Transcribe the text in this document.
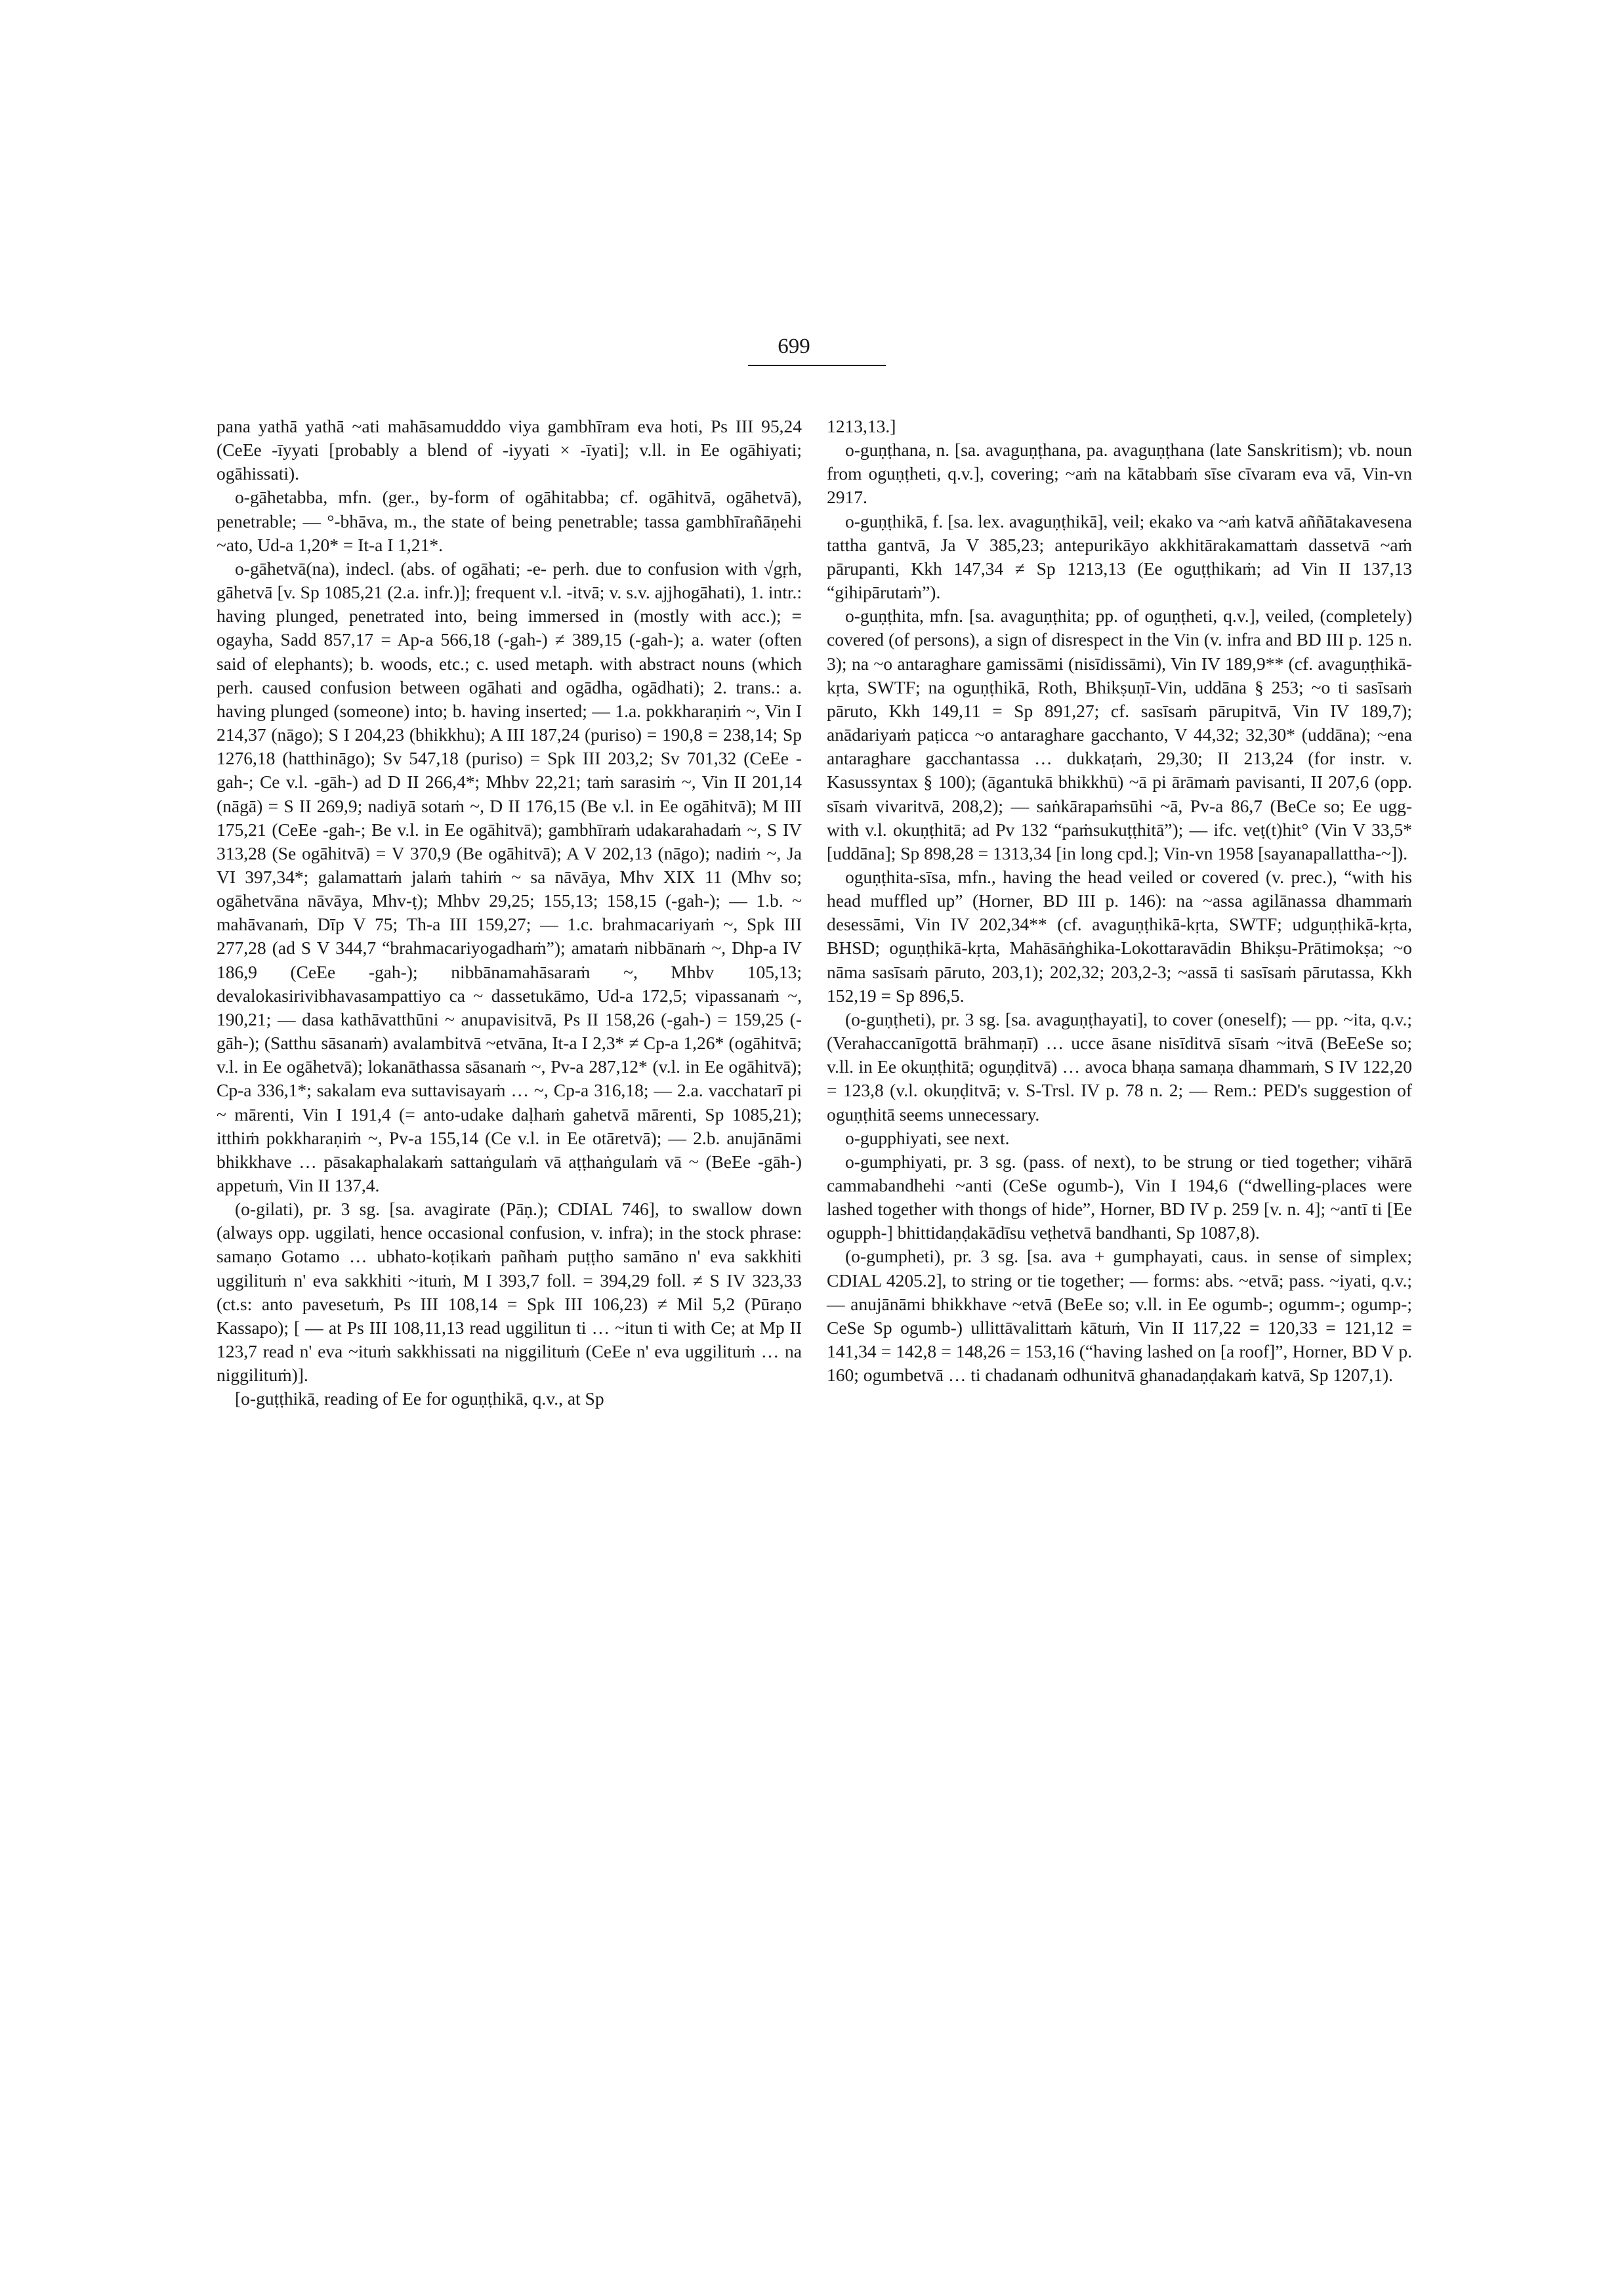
699

pana yathā yathā ~ati mahāsamudddo viya gambhīram eva hoti, Ps III 95,24 (CeEe -īyyati [probably a blend of -iyyati × -īyati]; v.ll. in Ee ogāhiyati; ogāhissati).

o-gāhetabba, mfn. (ger., by-form of ogāhitabba; cf. ogāhitvā, ogāhetvā), penetrable; — °-bhāva, m., the state of being penetrable; tassa gambhīrañāṇehi ~ato, Ud-a 1,20* = It-a I 1,21*.

o-gāhetvā(na), indecl. (abs. of ogāhati; -e- perh. due to confusion with √gṛh, gāhetvā [v. Sp 1085,21 (2.a. infr.)]; frequent v.l. -itvā; v. s.v. ajjhogāhati), 1. intr.: having plunged, penetrated into, being immersed in (mostly with acc.); = ogayha, Sadd 857,17 = Ap-a 566,18 (-gah-) ≠ 389,15 (-gah-); a. water (often said of elephants); b. woods, etc.; c. used metaph. with abstract nouns (which perh. caused confusion between ogāhati and ogādha, ogādhati); 2. trans.: a. having plunged (someone) into; b. having inserted; — 1.a. pokkharaṇiṁ ~, Vin I 214,37 (nāgo); S I 204,23 (bhikkhu); A III 187,24 (puriso) = 190,8 = 238,14; Sp 1276,18 (hatthināgo); Sv 547,18 (puriso) = Spk III 203,2; Sv 701,32 (CeEe -gah-; Ce v.l. -gāh-) ad D II 266,4*; Mhbv 22,21; taṁ sarasiṁ ~, Vin II 201,14 (nāgā) = S II 269,9; nadiyā sotaṁ ~, D II 176,15 (Be v.l. in Ee ogāhitvā); M III 175,21 (CeEe -gah-; Be v.l. in Ee ogāhitvā); gambhīraṁ udakarahadaṁ ~, S IV 313,28 (Se ogāhitvā) = V 370,9 (Be ogāhitvā); A V 202,13 (nāgo); nadiṁ ~, Ja VI 397,34*; galamattaṁ jalaṁ tahiṁ ~ sa nāvāya, Mhv XIX 11 (Mhv so; ogāhetvāna nāvāya, Mhv-ṭ); Mhbv 29,25; 155,13; 158,15 (-gah-); — 1.b. ~ mahāvanaṁ, Dīp V 75; Th-a III 159,27; — 1.c. brahmacariyaṁ ~, Spk III 277,28 (ad S V 344,7 “brahmacariyogadhaṁ”); amataṁ nibbānaṁ ~, Dhp-a IV 186,9 (CeEe -gah-); nibbānamahāsaraṁ ~, Mhbv 105,13; devalokasirivibhavasampattiyo ca ~ dassetukāmo, Ud-a 172,5; vipassanaṁ ~, 190,21; — dasa kathāvatthūni ~ anupavisitvā, Ps II 158,26 (-gah-) = 159,25 (-gāh-); (Satthu sāsanaṁ) avalambitvā ~etvāna, It-a I 2,3* ≠ Cp-a 1,26* (ogāhitvā; v.l. in Ee ogāhetvā); lokanāthassa sāsanaṁ ~, Pv-a 287,12* (v.l. in Ee ogāhitvā); Cp-a 336,1*; sakalam eva suttavisayaṁ … ~, Cp-a 316,18; — 2.a. vacchatarī pi ~ mārenti, Vin I 191,4 (= anto-udake daḷhaṁ gahetvā mārenti, Sp 1085,21); itthiṁ pokkharaṇiṁ ~, Pv-a 155,14 (Ce v.l. in Ee otāretvā); — 2.b. anujānāmi bhikkhave … pāsakaphalakaṁ sattaṅgulaṁ vā aṭṭhaṅgulaṁ vā ~ (BeEe -gāh-) appetuṁ, Vin II 137,4.

(o-gilati), pr. 3 sg. [sa. avagirate (Pāṇ.); CDIAL 746], to swallow down (always opp. uggilati, hence occasional confusion, v. infra); in the stock phrase: samaṇo Gotamo … ubhato-koṭikaṁ pañhaṁ puṭṭho samāno n' eva sakkhiti uggilituṁ n' eva sakkhiti ~ituṁ, M I 393,7 foll. = 394,29 foll. ≠ S IV 323,33 (ct.s: anto pavesetuṁ, Ps III 108,14 = Spk III 106,23) ≠ Mil 5,2 (Pūraṇo Kassapo); [ — at Ps III 108,11,13 read uggilitun ti … ~itun ti with Ce; at Mp II 123,7 read n' eva ~ituṁ sakkhissati na niggilituṁ (CeEe n' eva uggilituṁ … na niggilituṁ)].

[o-guṭṭhikā, reading of Ee for oguṇṭhikā, q.v., at Sp

1213,13.]

o-guṇṭhana, n. [sa. avaguṇṭhana, pa. avaguṇṭhana (late Sanskritism); vb. noun from oguṇṭheti, q.v.], covering; ~aṁ na kātabbaṁ sīse cīvaram eva vā, Vin-vn 2917.

o-guṇṭhikā, f. [sa. lex. avaguṇṭhikā], veil; ekako va ~aṁ katvā aññātakavesena tattha gantvā, Ja V 385,23; antepurikāyo akkhitārakamattaṁ dassetvā ~aṁ pārupanti, Kkh 147,34 ≠ Sp 1213,13 (Ee oguṭṭhikaṁ; ad Vin II 137,13 “gihipārutaṁ”).

o-guṇṭhita, mfn. [sa. avaguṇṭhita; pp. of oguṇṭheti, q.v.], veiled, (completely) covered (of persons), a sign of disrespect in the Vin (v. infra and BD III p. 125 n. 3); na ~o antaraghare gamissāmi (nisīdissāmi), Vin IV 189,9** (cf. avaguṇṭhikā-kṛta, SWTF; na oguṇṭhikā, Roth, Bhikṣuṇī-Vin, uddāna § 253; ~o ti sasīsaṁ pāruto, Kkh 149,11 = Sp 891,27; cf. sasīsaṁ pārupitvā, Vin IV 189,7); anādariyaṁ paṭicca ~o antaraghare gacchanto, V 44,32; 32,30* (uddāna); ~ena antaraghare gacchantassa … dukkaṭaṁ, 29,30; II 213,24 (for instr. v. Kasussyntax § 100); (āgantukā bhikkhū) ~ā pi ārāmaṁ pavisanti, II 207,6 (opp. sīsaṁ vivaritvā, 208,2); — saṅkārapaṁsūhi ~ā, Pv-a 86,7 (BeCe so; Ee ugg- with v.l. okuṇṭhitā; ad Pv 132 “paṁsukuṭṭhitā”); — ifc. veṭ(t)hit° (Vin V 33,5* [uddāna]; Sp 898,28 = 1313,34 [in long cpd.]; Vin-vn 1958 [sayanapallattha-~]).

oguṇṭhita-sīsa, mfn., having the head veiled or covered (v. prec.), “with his head muffled up” (Horner, BD III p. 146): na ~assa agilānassa dhammaṁ desessāmi, Vin IV 202,34** (cf. avaguṇṭhikā-kṛta, SWTF; udguṇṭhikā-kṛta, BHSD; oguṇṭhikā-kṛta, Mahāsāṅghika-Lokottaravādin Bhikṣu-Prātimokṣa; ~o nāma sasīsaṁ pāruto, 203,1); 202,32; 203,2-3; ~assā ti sasīsaṁ pārutassa, Kkh 152,19 = Sp 896,5.

(o-guṇṭheti), pr. 3 sg. [sa. avaguṇṭhayati], to cover (oneself); — pp. ~ita, q.v.; (Verahaccanīgottā brāhmaṇī) … ucce āsane nisīditvā sīsaṁ ~itvā (BeEeSe so; v.ll. in Ee okuṇṭhitā; oguṇḍitvā) … avoca bhaṇa samaṇa dhammaṁ, S IV 122,20 = 123,8 (v.l. okuṇḍitvā; v. S-Trsl. IV p. 78 n. 2; — Rem.: PED's suggestion of oguṇṭhitā seems unnecessary.

o-gupphiyati, see next.

o-gumphiyati, pr. 3 sg. (pass. of next), to be strung or tied together; vihārā cammabandhehi ~anti (CeSe ogumb-), Vin I 194,6 (“dwelling-places were lashed together with thongs of hide”, Horner, BD IV p. 259 [v. n. 4]; ~antī ti [Ee ogupph-] bhittidaṇḍakādīsu veṭhetvā bandhanti, Sp 1087,8).

(o-gumpheti), pr. 3 sg. [sa. ava + gumphayati, caus. in sense of simplex; CDIAL 4205.2], to string or tie together; — forms: abs. ~etvā; pass. ~iyati, q.v.; — anujānāmi bhikkhave ~etvā (BeEe so; v.ll. in Ee ogumb-; ogumm-; ogump-; CeSe Sp ogumb-) ullittāvalittaṁ kātuṁ, Vin II 117,22 = 120,33 = 121,12 = 141,34 = 142,8 = 148,26 = 153,16 (“having lashed on [a roof]”, Horner, BD V p. 160; ogumbetvā … ti chadanaṁ odhunitvā ghanadaṇḍakaṁ katvā, Sp 1207,1).
